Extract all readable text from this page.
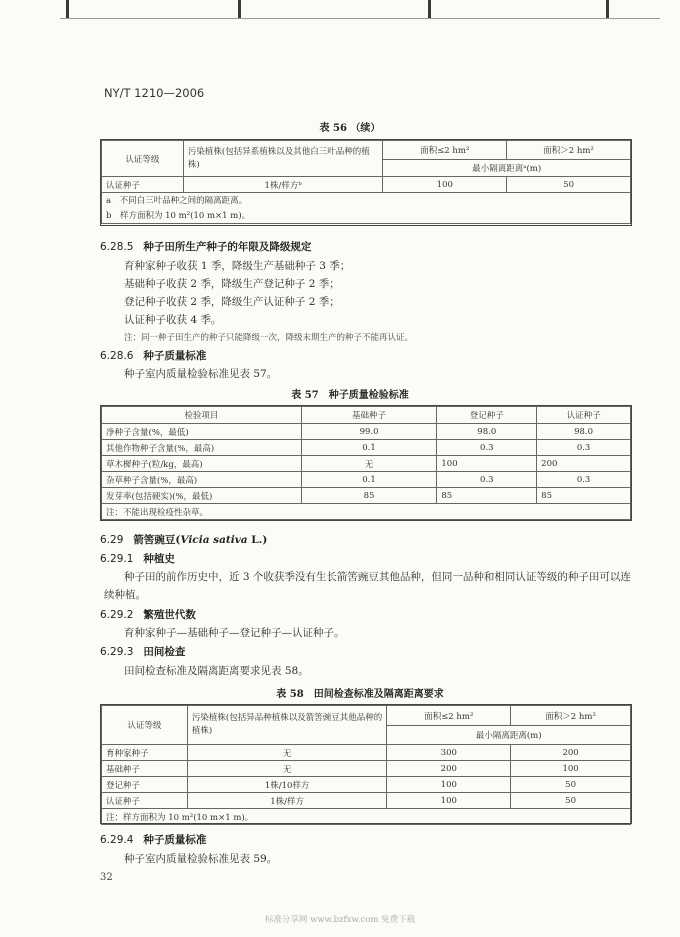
NY/T 1210—2006
表 56 （续）
认证等级	污染植株(包括异系植株以及其他白三叶品种的植株)	面积≤2 hm²	面积＞2 hm²
		最小隔离距离ᵃ(m)	
认证种子	1株/样方ᵇ	100	50
a　不同白三叶品种之间的隔离距离。			
b　样方面积为 10 m²(10 m×1 m)。			
6.28.5 种子田所生产种子的年限及降级规定
育种家种子收获 1 季，降级生产基础种子 3 季；
基础种子收获 2 季，降级生产登记种子 2 季；
登记种子收获 2 季，降级生产认证种子 2 季；
认证种子收获 4 季。
注：同一种子田生产的种子只能降级一次，降级末期生产的种子不能再认证。
6.28.6 种子质量标准
种子室内质量检验标准见表 57。
表 57　种子质量检验标准
检验项目	基础种子	登记种子	认证种子
净种子含量(%，最低)	99.0	98.0	98.0
其他作物种子含量(%，最高)	0.1	0.3	0.3
草木樨种子(粒/kg，最高)	无	100	200
杂草种子含量(%，最高)	0.1	0.3	0.3
发芽率(包括硬实)(%，最低)	85	85	85
注：不能出现检疫性杂草。			
6.29 箭筈豌豆(Vicia sativa L.)
6.29.1 种植史
种子田的前作历史中，近 3 个收获季没有生长箭筈豌豆其他品种，但同一品种和相同认证等级的种子田可以连续种植。
6.29.2 繁殖世代数
育种家种子—基础种子—登记种子—认证种子。
6.29.3 田间检查
田间检查标准及隔离距离要求见表 58。
表 58　田间检查标准及隔离距离要求
认证等级	污染植株(包括异品种植株以及箭筈豌豆其他品种的植株)	面积≤2 hm²	面积＞2 hm²
		最小隔离距离(m)	
育种家种子	无	300	200
基础种子	无	200	100
登记种子	1株/10样方	100	50
认证种子	1株/样方	100	50
注：样方面积为 10 m²(10 m×1 m)。			
6.29.4 种子质量标准
种子室内质量检验标准见表 59。
32
标准分享网 www.bzfxw.com 免费下载
